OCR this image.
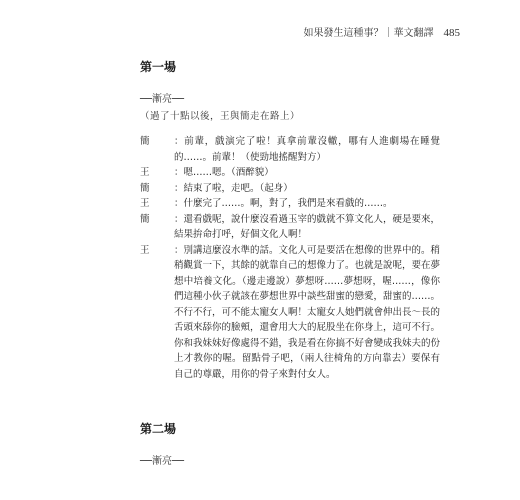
如果發生這種事？｜華文翻譯 485
第一場
──漸亮──
（過了十點以後，王與簡走在路上）
簡	：前輩，戲演完了啦！真拿前輩沒轍，哪有人進劇場在睡覺的……。前輩！（使勁地搖醒對方）
王	：嗯……嗯。（酒醉貌）
簡	：結束了啦，走吧。（起身）
王	：什麼完了……。啊，對了，我們是來看戲的……。
簡	：還看戲呢，說什麼沒看過玉宰的戲就不算文化人，硬是要來，結果拚命打呼，好個文化人啊！
王	：別講這麼沒水準的話。文化人可是要活在想像的世界中的。稍稍觀賞一下，其餘的就靠自己的想像力了。也就是說呢，要在夢想中培養文化。（邊走邊說）夢想呀……夢想呀，喔……，像你們這種小伙子就該在夢想世界中談些甜蜜的戀愛，甜蜜的……。不行不行，可不能太寵女人啊！太寵女人她們就會伸出長～長的舌頭來舔你的臉頰，還會用大大的屁股坐在你身上，這可不行。你和我妹妹好像處得不錯，我是看在你搞不好會變成我妹夫的份上才教你的喔。留點骨子吧，（兩人往椅角的方向靠去）要保有自己的尊嚴，用你的骨子來對付女人。
第二場
──漸亮──
